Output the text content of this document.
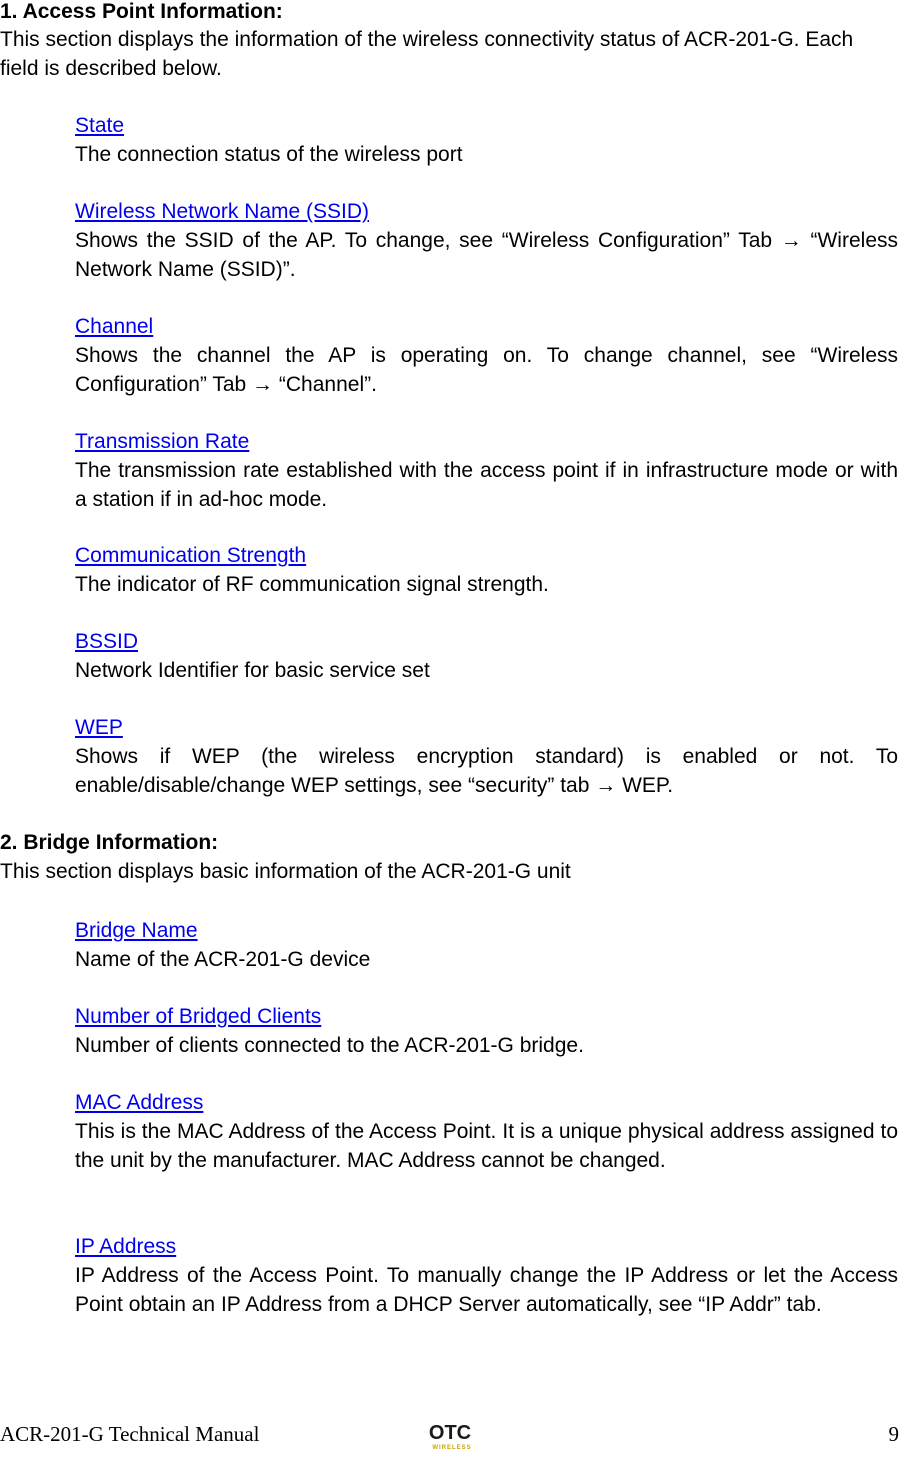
1. Access Point Information:
This section displays the information of the wireless connectivity status of ACR-201-G. Each field is described below.
State
The connection status of the wireless port
Wireless Network Name (SSID)
Shows the SSID of the AP. To change, see “Wireless Configuration” Tab → “Wireless Network Name (SSID)”.
Channel
Shows the channel the AP is operating on. To change channel, see “Wireless Configuration” Tab → “Channel”.
Transmission Rate
The transmission rate established with the access point if in infrastructure mode or with a station if in ad-hoc mode.
Communication Strength
The indicator of RF communication signal strength.
BSSID
Network Identifier for basic service set
WEP
Shows if WEP (the wireless encryption standard) is enabled or not. To enable/disable/change WEP settings, see “security” tab → WEP.
2. Bridge Information:
This section displays basic information of the ACR-201-G unit
Bridge Name
Name of the ACR-201-G device
Number of Bridged Clients
Number of clients connected to the ACR-201-G bridge.
MAC Address
This is the MAC Address of the Access Point. It is a unique physical address assigned to the unit by the manufacturer. MAC Address cannot be changed.
IP Address
IP Address of the Access Point. To manually change the IP Address or let the Access Point obtain an IP Address from a DHCP Server automatically, see “IP Addr” tab.
ACR-201-G Technical Manual	OTC
WIRELESS
9
